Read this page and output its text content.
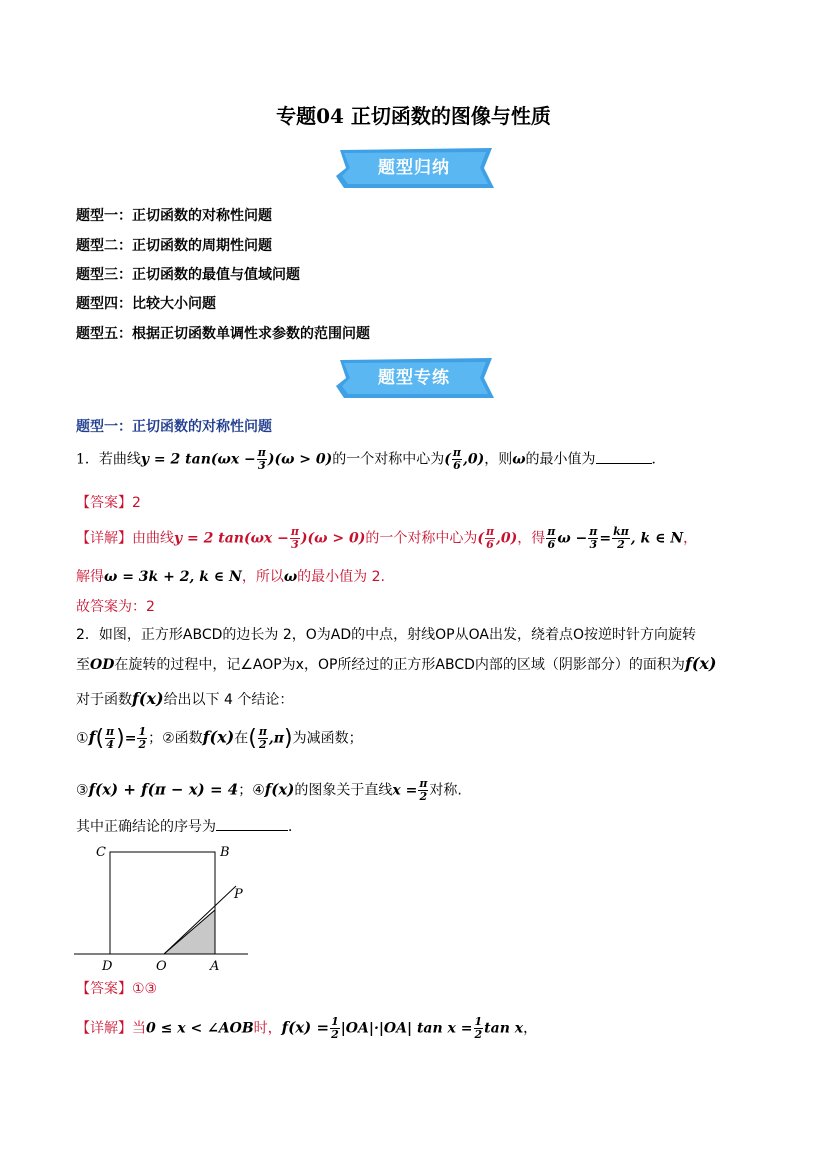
专题04 正切函数的图像与性质
题型归纳
题型一：正切函数的对称性问题
题型二：正切函数的周期性问题
题型三：正切函数的最值与值域问题
题型四：比较大小问题
题型五：根据正切函数单调性求参数的范围问题
题型专练
题型一：正切函数的对称性问题
1．若曲线y = 2 $\tan(\omega x - \frac{\pi}{3} )(\omega > 0)$的一个对称中心为( $\frac{\pi}{6} ,0$)，则ω的最小值为	．
【答案】2
【详解】由曲线y = 2 $\tan(\omega x - \frac{\pi}{3} )(\omega > 0)$的一个对称中心为( $\frac{\pi}{6} ,0$)，得 $\frac{\pi}{6}$ $\omega - \frac{\pi}{3} = \frac{k\pi}{2}$ , k ∈ N，
解得ω = 3k + 2, k ∈ N，所以ω的最小值为 2.
故答案为：2
2．如图，正方形ABCD的边长为 2，O为AD的中点，射线OP从OA出发，绕着点O按逆时针方向旋转
至OD在旋转的过程中，记∠AOP为x，OP所经过的正方形ABCD内部的区域（阴影部分）的面积为f(x)
对于函数f(x)给出以下 4 个结论：
①f( $\frac{\pi}{4}$ )= $\frac{1}{2}$ ；②函数f(x)在( $\frac{\pi}{2} ,\pi$)为减函数；
③f(x) + f(π − x) = 4；④f(x)的图象关于直线$x = \frac{\pi}{2}$ 对称.
其中正确结论的序号为	．
C	B
P
D	O	A
【答案】①③
【详解】当0 ≤ x < ∠AOB时，$f(x) = \frac{1}{2} |OA|\cdot|OA|$ $\tan x = \frac{1}{2}$ tan x，
